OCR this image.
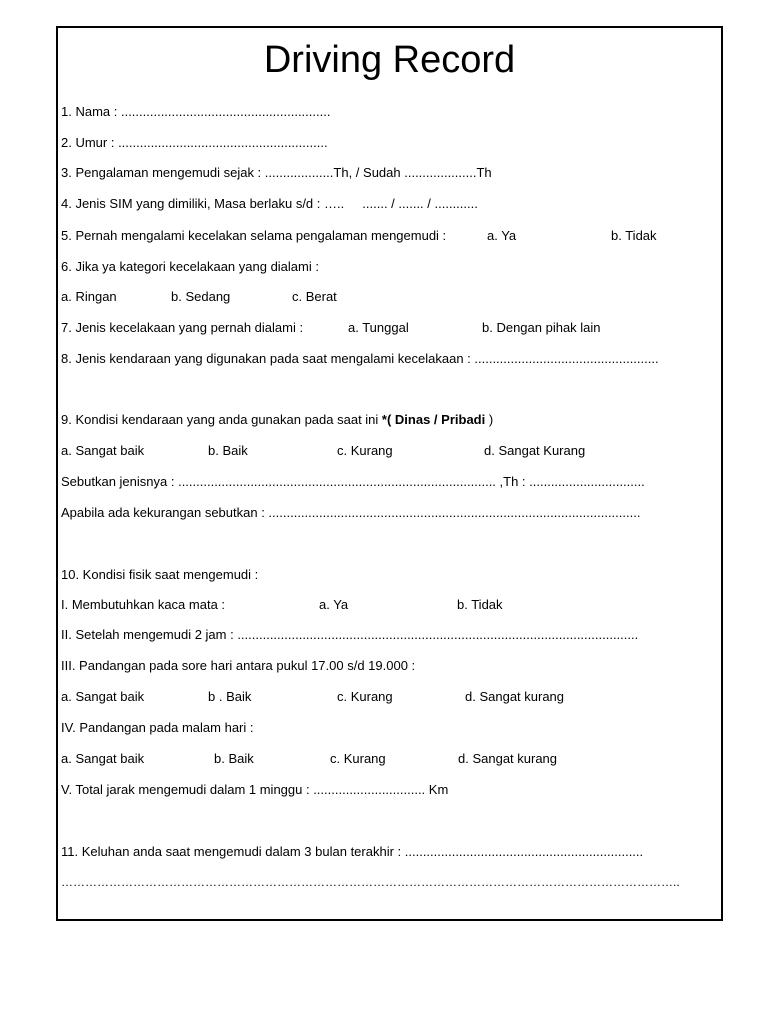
Driving Record
1. Nama : ..........................................................
2. Umur : ..........................................................
3. Pengalaman mengemudi sejak : ...................Th, / Sudah ....................Th
4. Jenis SIM yang dimiliki, Masa berlaku s/d : …..     ....... / ....... / ............
5. Pernah mengalami kecelakan selama pengalaman mengemudi :	a. Ya	b. Tidak
6. Jika ya kategori kecelakaan yang dialami :
a. Ringan	b. Sedang	c. Berat
7. Jenis kecelakaan yang pernah dialami :	a. Tunggal	b. Dengan pihak lain
8. Jenis kendaraan yang digunakan pada saat mengalami kecelakaan : ...................................................
9. Kondisi kendaraan yang anda gunakan pada saat ini *( Dinas / Pribadi )
a. Sangat baik	b. Baik	c. Kurang	d. Sangat Kurang
Sebutkan jenisnya : ........................................................................................ ,Th : ................................
Apabila ada kekurangan sebutkan : .......................................................................................................
10. Kondisi fisik saat mengemudi :
I. Membutuhkan kaca mata :	a. Ya	b. Tidak
II. Setelah mengemudi 2 jam : ...............................................................................................................
III. Pandangan pada sore hari antara pukul 17.00 s/d 19.000 :
a. Sangat baik	b . Baik	c. Kurang	d. Sangat kurang
IV. Pandangan pada malam hari :
a. Sangat baik	b. Baik	c. Kurang	d. Sangat kurang
V. Total jarak mengemudi dalam 1 minggu : ............................... Km
11. Keluhan anda saat mengemudi dalam 3 bulan terakhir : ..................................................................
………………………………………………………………………………………………………………………………………..
